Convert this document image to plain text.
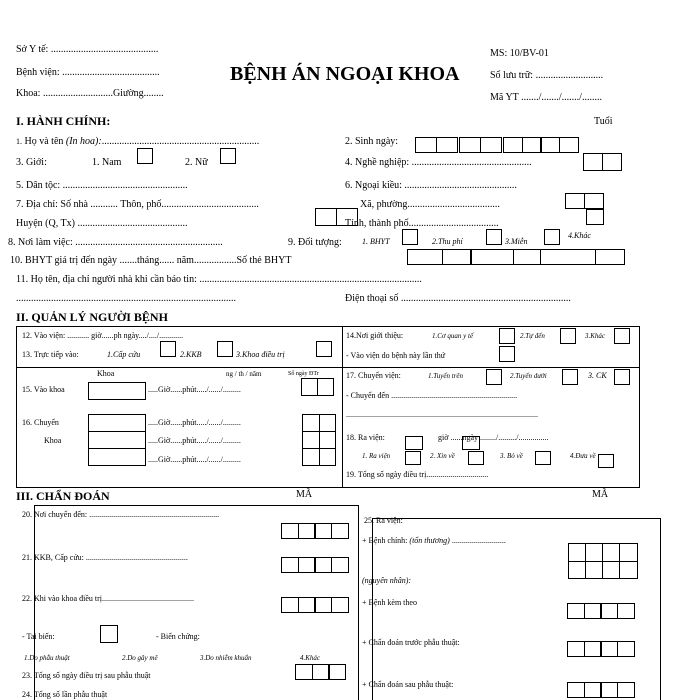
Sở Y tế: ...........................................
Bệnh viện: .......................................
Khoa: ............................Giường........
BỆNH ÁN NGOẠI KHOA
MS: 10/BV-01
Số lưu trữ: ...........................
Mã YT ......./......./......./........
I. HÀNH CHÍNH:	Tuổi
1. Họ và tên (In hoa):...............................................................	2. Sinh ngày:
3. Giới:	1. Nam	2. Nữ	4. Nghề nghiệp: ................................................
5. Dân tộc: ..................................................	6. Ngoại kiều: .............................................
7. Địa chỉ: Số nhà ........... Thôn, phố.......................................	Xã, phường.....................................
Huyện (Q, Tx) ............................................	Tỉnh, thành phố....................................
8. Nơi làm việc: ...........................................................	9. Đối tượng:	1. BHYT	2.Thu phí	3.Miễn
4.Khác
10. BHYT giá trị đến ngày .......tháng...... năm.................Số thẻ BHYT
11. Họ tên, địa chỉ người nhà khi cần báo tin: .........................................................................................
........................................................................................	Điện thoại số ....................................................................
II. QUẢN LÝ NGƯỜI BỆNH
12. Vào viện: ........... giờ......ph ngày..../..../............
13. Trực tiếp vào:	1.Cấp cứu	2.KKB	3.Khoa điều trị
14.Nơi giới thiệu:	1.Cơ quan y tế	2.Tự đến	3.Khác
- Vào viện do bệnh này lần thứ
Khoa	ng / th / năm	Số ngày ĐTr
15. Vào khoa	.....Giờ......phút...../....../.........
16. Chuyển
Khoa
.....Giờ......phút...../....../.........
.....Giờ......phút...../....../.........
.....Giờ......phút...../....../.........
17. Chuyển viện:	1.Tuyến trên	2.Tuyến dưới	3. CK
- Chuyển đến ...............................................................
................................................................................................
18. Ra viện:	giờ ......ngày ......../........./...............
1. Ra viện	2. Xin về	3. Bỏ về	4.Đưa về
19. Tổng số ngày điều trị...............................
III. CHẨN ĐOÁN	MÃ	MÃ
20. Nơi chuyển đến: .................................................................
21. KKB, Cấp cứu: ...................................................
22. Khi vào khoa điều trị..............................................
- Tai biến:	- Biến chứng:
1.Do phẫu thuật	2.Do gây mê	3.Do nhiễm khuẩn	4.Khác
23. Tổng số ngày điều trị sau phẫu thuật
24. Tổng số lần phẫu thuật
25. Ra viện:
+ Bệnh chính: (tổn thương) ...........................
(nguyên nhân):
+ Bệnh kèm theo
+ Chẩn đoán trước phẫu thuật:
+ Chẩn đoán sau phẫu thuật:
